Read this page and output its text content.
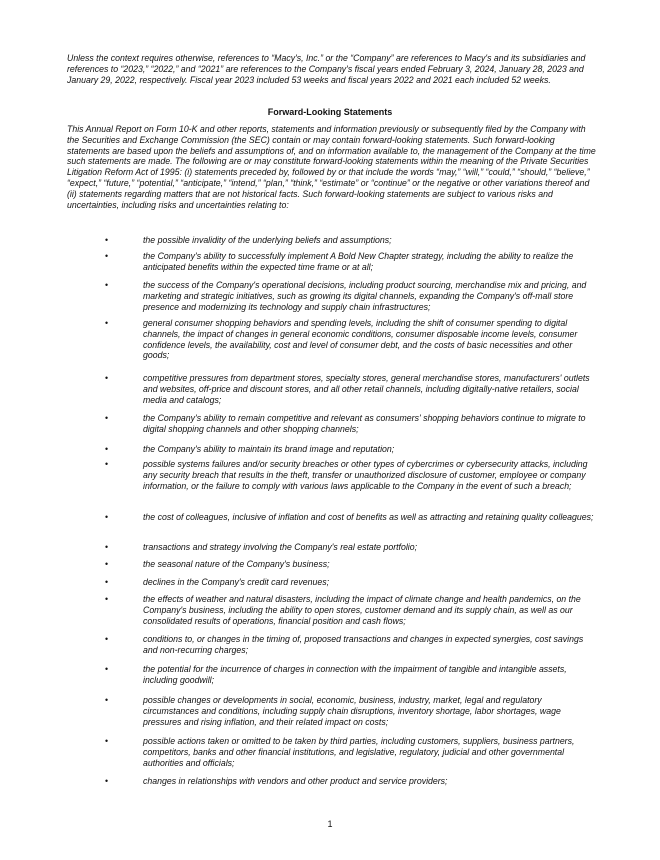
Unless the context requires otherwise, references to “Macy's, Inc.” or the “Company” are references to Macy's and its subsidiaries and references to “2023,” “2022,” and “2021” are references to the Company's fiscal years ended February 3, 2024, January 28, 2023 and January 29, 2022, respectively. Fiscal year 2023 included 53 weeks and fiscal years 2022 and 2021 each included 52 weeks.
Forward-Looking Statements
This Annual Report on Form 10-K and other reports, statements and information previously or subsequently filed by the Company with the Securities and Exchange Commission (the SEC) contain or may contain forward-looking statements. Such forward-looking statements are based upon the beliefs and assumptions of, and on information available to, the management of the Company at the time such statements are made. The following are or may constitute forward-looking statements within the meaning of the Private Securities Litigation Reform Act of 1995: (i) statements preceded by, followed by or that include the words “may,” “will,” “could,” “should,” “believe,” “expect,” “future,” “potential,” “anticipate,” “intend,” “plan,” “think,” “estimate” or “continue” or the negative or other variations thereof and (ii) statements regarding matters that are not historical facts. Such forward-looking statements are subject to various risks and uncertainties, including risks and uncertainties relating to:
•	the possible invalidity of the underlying beliefs and assumptions;
•	the Company's ability to successfully implement A Bold New Chapter strategy, including the ability to realize the anticipated benefits within the expected time frame or at all;
•	the success of the Company's operational decisions, including product sourcing, merchandise mix and pricing, and marketing and strategic initiatives, such as growing its digital channels, expanding the Company's off-mall store presence and modernizing its technology and supply chain infrastructures;
•	general consumer shopping behaviors and spending levels, including the shift of consumer spending to digital channels, the impact of changes in general economic conditions, consumer disposable income levels, consumer confidence levels, the availability, cost and level of consumer debt, and the costs of basic necessities and other goods;
•	competitive pressures from department stores, specialty stores, general merchandise stores, manufacturers' outlets and websites, off-price and discount stores, and all other retail channels, including digitally-native retailers, social media and catalogs;
•	the Company's ability to remain competitive and relevant as consumers' shopping behaviors continue to migrate to digital shopping channels and other shopping channels;
•	the Company's ability to maintain its brand image and reputation;
•	possible systems failures and/or security breaches or other types of cybercrimes or cybersecurity attacks, including any security breach that results in the theft, transfer or unauthorized disclosure of customer, employee or company information, or the failure to comply with various laws applicable to the Company in the event of such a breach;
•	the cost of colleagues, inclusive of inflation and cost of benefits as well as attracting and retaining quality colleagues;
•	transactions and strategy involving the Company's real estate portfolio;
•	the seasonal nature of the Company's business;
•	declines in the Company's credit card revenues;
•	the effects of weather and natural disasters, including the impact of climate change and health pandemics, on the Company's business, including the ability to open stores, customer demand and its supply chain, as well as our consolidated results of operations, financial position and cash flows;
•	conditions to, or changes in the timing of, proposed transactions and changes in expected synergies, cost savings and non-recurring charges;
•	the potential for the incurrence of charges in connection with the impairment of tangible and intangible assets, including goodwill;
•	possible changes or developments in social, economic, business, industry, market, legal and regulatory circumstances and conditions, including supply chain disruptions, inventory shortage, labor shortages, wage pressures and rising inflation, and their related impact on costs;
•	possible actions taken or omitted to be taken by third parties, including customers, suppliers, business partners, competitors, banks and other financial institutions, and legislative, regulatory, judicial and other governmental authorities and officials;
•	changes in relationships with vendors and other product and service providers;
1
